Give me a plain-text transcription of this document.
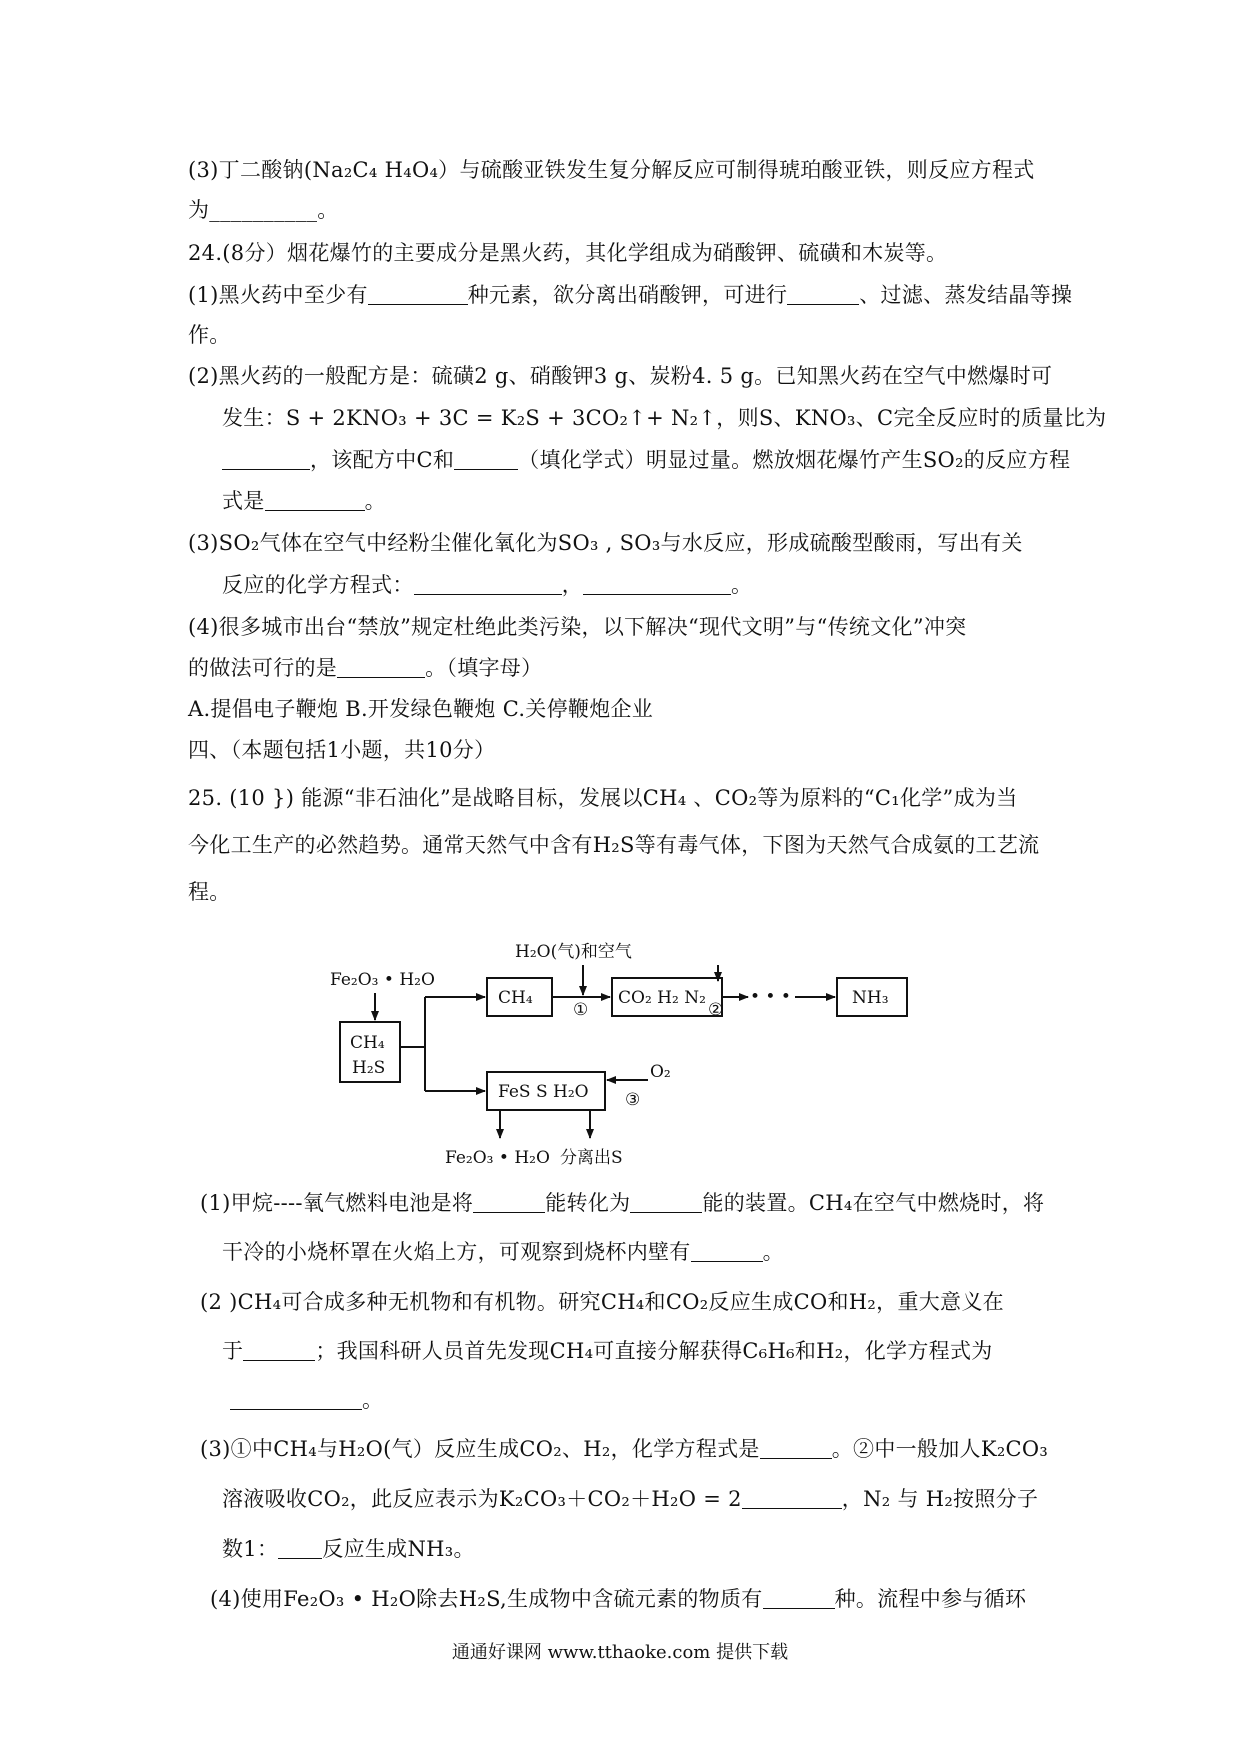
(3)丁二酸钠(Na₂C₄ H₄O₄）与硫酸亚铁发生复分解反应可制得琥珀酸亚铁，则反应方程式
为__________。
24.(8分）烟花爆竹的主要成分是黑火药，其化学组成为硝酸钾、硫磺和木炭等。
(1)黑火药中至少有	种元素，欲分离出硝酸钾，可进行	、过滤、蒸发结晶等操
作。
(2)黑火药的一般配方是：硫磺2 g、硝酸钾3 g、炭粉4. 5 g。已知黑火药在空气中燃爆时可
发生：S + 2KNO₃ + 3C = K₂S + 3CO₂↑+ N₂↑，则S、KNO₃、C完全反应时的质量比为
，该配方中C和	（填化学式）明显过量。燃放烟花爆竹产生SO₂的反应方程
式是	。
(3)SO₂气体在空气中经粉尘催化氧化为SO₃ , SO₃与水反应，形成硫酸型酸雨，写出有关
反应的化学方程式：	，	。
(4)很多城市出台“禁放”规定杜绝此类污染，以下解决“现代文明”与“传统文化”冲突
的做法可行的是	。（填字母）
A.提倡电子鞭炮 B.开发绿色鞭炮 C.关停鞭炮企业
四、（本题包括1小题，共10分）
25. (10 }) 能源“非石油化”是战略目标，发展以CH₄ 、CO₂等为原料的“C₁化学”成为当
今化工生产的必然趋势。通常天然气中含有H₂S等有毒气体，下图为天然气合成氨的工艺流
程。
H₂O(气)和空气
Fe₂O₃ • H₂O
CH₄
H₂S
CH₄	CO₂ H₂ N₂	NH₃
FeS S H₂O
O₂
①	②
③
• • •
Fe₂O₃ • H₂O 分离出S
(1)甲烷----氧气燃料电池是将	能转化为	能的装置。CH₄在空气中燃烧时，将
干冷的小烧杯罩在火焰上方，可观察到烧杯内壁有	。
(2 )CH₄可合成多种无机物和有机物。研究CH₄和CO₂反应生成CO和H₂，重大意义在
于	；我国科研人员首先发现CH₄可直接分解获得C₆H₆和H₂，化学方程式为
。
(3)①中CH₄与H₂O(气）反应生成CO₂、H₂，化学方程式是	。②中一般加人K₂CO₃
溶液吸收CO₂，此反应表示为K₂CO₃＋CO₂＋H₂O = 2	，N₂ 与 H₂按照分子
数1： 反应生成NH₃。
(4)使用Fe₂O₃ • H₂O除去H₂S,生成物中含硫元素的物质有	种。流程中参与循环
通通好课网 www.tthaoke.com 提供下载
